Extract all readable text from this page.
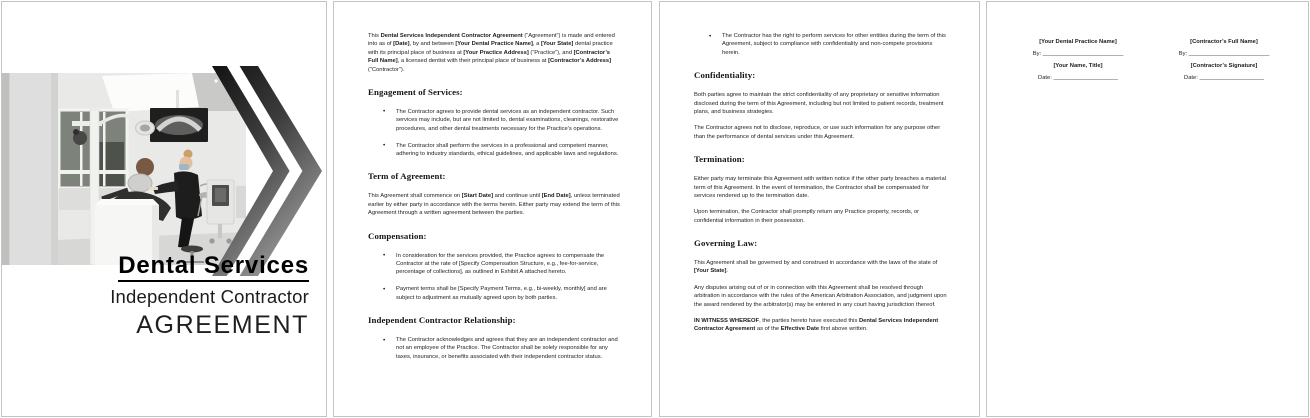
Dental Services
Independent Contractor
AGREEMENT
This Dental Services Independent Contractor Agreement (“Agreement”) is made and entered into as of [Date], by and between [Your Dental Practice Name], a [Your State] dental practice with its principal place of business at [Your Practice Address] (“Practice”), and [Contractor’s Full Name], a licensed dentist with their principal place of business at [Contractor’s Address] (“Contractor”).
Engagement of Services:
• The Contractor agrees to provide dental services as an independent contractor. Such services may include, but are not limited to, dental examinations, cleanings, restorative procedures, and other dental treatments necessary for the Practice’s operations.
• The Contractor shall perform the services in a professional and competent manner, adhering to industry standards, ethical guidelines, and applicable laws and regulations.
Term of Agreement:
This Agreement shall commence on [Start Date] and continue until [End Date], unless terminated earlier by either party in accordance with the terms herein. Either party may extend the term of this Agreement through a written agreement between the parties.
Compensation:
• In consideration for the services provided, the Practice agrees to compensate the Contractor at the rate of [Specify Compensation Structure, e.g., fee-for-service, percentage of collections], as outlined in Exhibit A attached hereto.
• Payment terms shall be [Specify Payment Terms, e.g., bi-weekly, monthly] and are subject to adjustment as mutually agreed upon by both parties.
Independent Contractor Relationship:
• The Contractor acknowledges and agrees that they are an independent contractor and not an employee of the Practice. The Contractor shall be solely responsible for any taxes, insurance, or benefits associated with their independent contractor status.
• The Contractor has the right to perform services for other entities during the term of this Agreement, subject to compliance with confidentiality and non-compete provisions herein.
Confidentiality:
Both parties agree to maintain the strict confidentiality of any proprietary or sensitive information disclosed during the term of this Agreement, including but not limited to patient records, treatment plans, and business strategies.
The Contractor agrees not to disclose, reproduce, or use such information for any purpose other than the performance of dental services under this Agreement.
Termination:
Either party may terminate this Agreement with written notice if the other party breaches a material term of this Agreement. In the event of termination, the Contractor shall be compensated for services rendered up to the termination date.
Upon termination, the Contractor shall promptly return any Practice property, records, or confidential information in their possession.
Governing Law:
This Agreement shall be governed by and construed in accordance with the laws of the state of [Your State].
Any disputes arising out of or in connection with this Agreement shall be resolved through arbitration in accordance with the rules of the American Arbitration Association, and judgment upon the award rendered by the arbitrator(s) may be entered in any court having jurisdiction thereof.
IN WITNESS WHEREOF, the parties hereto have executed this Dental Services Independent Contractor Agreement as of the Effective Date first above written.
[Your Dental Practice Name]
By: _________________________
[Your Name, Title]
Date: ____________________
[Contractor’s Full Name]
By: _________________________
[Contractor’s Signature]
Date: ____________________
